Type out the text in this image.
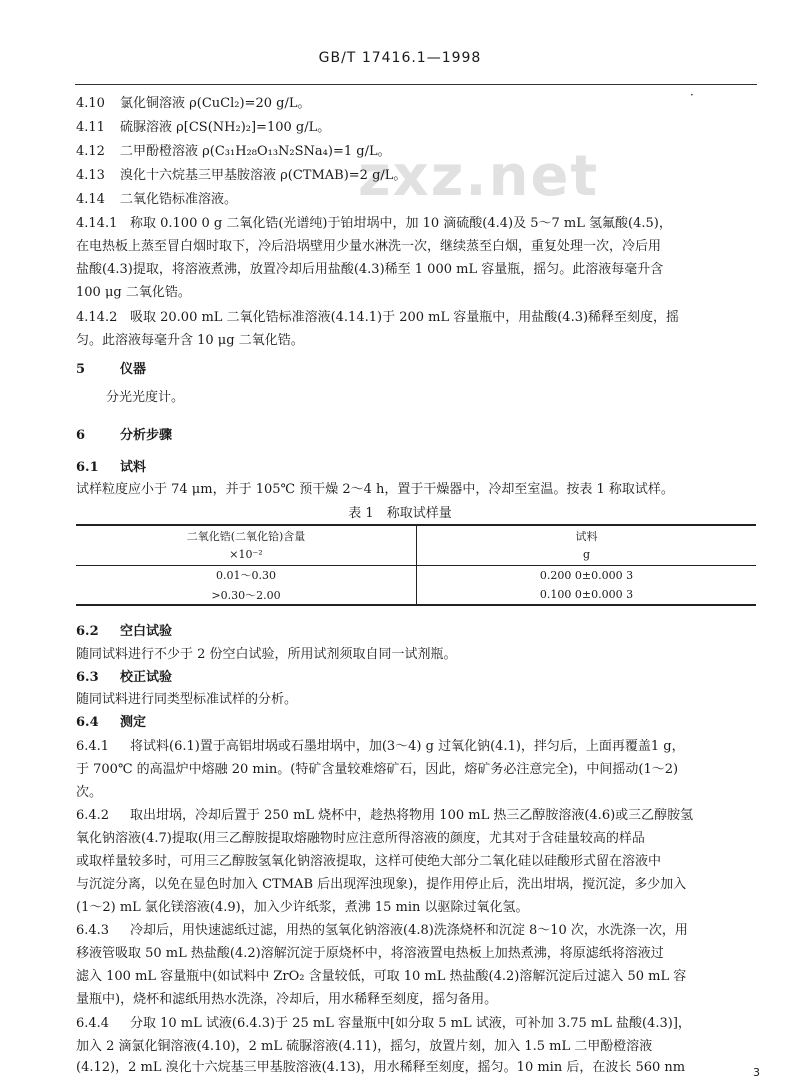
GB/T 17416.1—1998
·
zxz.net
4.10 氯化铜溶液 ρ(CuCl₂)=20 g/L。
4.11 硫脲溶液 ρ[CS(NH₂)₂]=100 g/L。
4.12 二甲酚橙溶液 ρ(C₃₁H₂₈O₁₃N₂SNa₄)=1 g/L。
4.13 溴化十六烷基三甲基胺溶液 ρ(CTMAB)=2 g/L。
4.14 二氧化锆标准溶液。
4.14.1 称取 0.100 0 g 二氧化锆(光谱纯)于铂坩埚中，加 10 滴硫酸(4.4)及 5～7 mL 氢氟酸(4.5)，
在电热板上蒸至冒白烟时取下，冷后沿埚壁用少量水淋洗一次，继续蒸至白烟，重复处理一次，冷后用
盐酸(4.3)提取，将溶液煮沸，放置冷却后用盐酸(4.3)稀至 1 000 mL 容量瓶，摇匀。此溶液每毫升含
100 μg 二氧化锆。
4.14.2 吸取 20.00 mL 二氧化锆标准溶液(4.14.1)于 200 mL 容量瓶中，用盐酸(4.3)稀释至刻度，摇
匀。此溶液每毫升含 10 μg 二氧化锆。
5	仪器
分光光度计。
6	分析步骤
6.1 试料
试样粒度应小于 74 μm，并于 105℃ 预干燥 2～4 h，置于干燥器中，冷却至室温。按表 1 称取试样。
表 1　称取试样量
二氧化锆(二氧化铪)含量	试料
×10⁻²	g
0.01～0.30	0.200 0±0.000 3
>0.30～2.00	0.100 0±0.000 3
6.2 空白试验
随同试料进行不少于 2 份空白试验，所用试剂须取自同一试剂瓶。
6.3 校正试验
随同试料进行同类型标准试样的分析。
6.4 测定
6.4.1 将试料(6.1)置于高铝坩埚或石墨坩埚中，加(3～4) g 过氧化钠(4.1)，拌匀后，上面再覆盖1 g，
于 700℃ 的高温炉中熔融 20 min。(特矿含量较难熔矿石，因此，熔矿务必注意完全)，中间摇动(1～2)
次。
6.4.2 取出坩埚，冷却后置于 250 mL 烧杯中，趁热将物用 100 mL 热三乙醇胺溶液(4.6)或三乙醇胺氢
氧化钠溶液(4.7)提取(用三乙醇胺提取熔融物时应注意所得溶液的颜度，尤其对于含硅量较高的样品
或取样量较多时，可用三乙醇胺氢氧化钠溶液提取，这样可使绝大部分二氧化硅以硅酸形式留在溶液中
与沉淀分离，以免在显色时加入 CTMAB 后出现浑浊现象)，提作用停止后，洗出坩埚，搅沉淀，多少加入
(1～2) mL 氯化镁溶液(4.9)，加入少许纸浆，煮沸 15 min 以驱除过氧化氢。
6.4.3 冷却后，用快速滤纸过滤，用热的氢氧化钠溶液(4.8)洗涤烧杯和沉淀 8～10 次，水洗涤一次，用
移液管吸取 50 mL 热盐酸(4.2)溶解沉淀于原烧杯中，将溶液置电热板上加热煮沸，将原滤纸将溶液过
滤入 100 mL 容量瓶中(如试料中 ZrO₂ 含量较低，可取 10 mL 热盐酸(4.2)溶解沉淀后过滤入 50 mL 容
量瓶中)，烧杯和滤纸用热水洗涤，冷却后，用水稀释至刻度，摇匀备用。
6.4.4 分取 10 mL 试液(6.4.3)于 25 mL 容量瓶中[如分取 5 mL 试液，可补加 3.75 mL 盐酸(4.3)]，
加入 2 滴氯化铜溶液(4.10)，2 mL 硫脲溶液(4.11)，摇匀，放置片刻，加入 1.5 mL 二甲酚橙溶液
(4.12)，2 mL 溴化十六烷基三甲基胺溶液(4.13)，用水稀释至刻度，摇匀。10 min 后，在波长 560 nm	3
